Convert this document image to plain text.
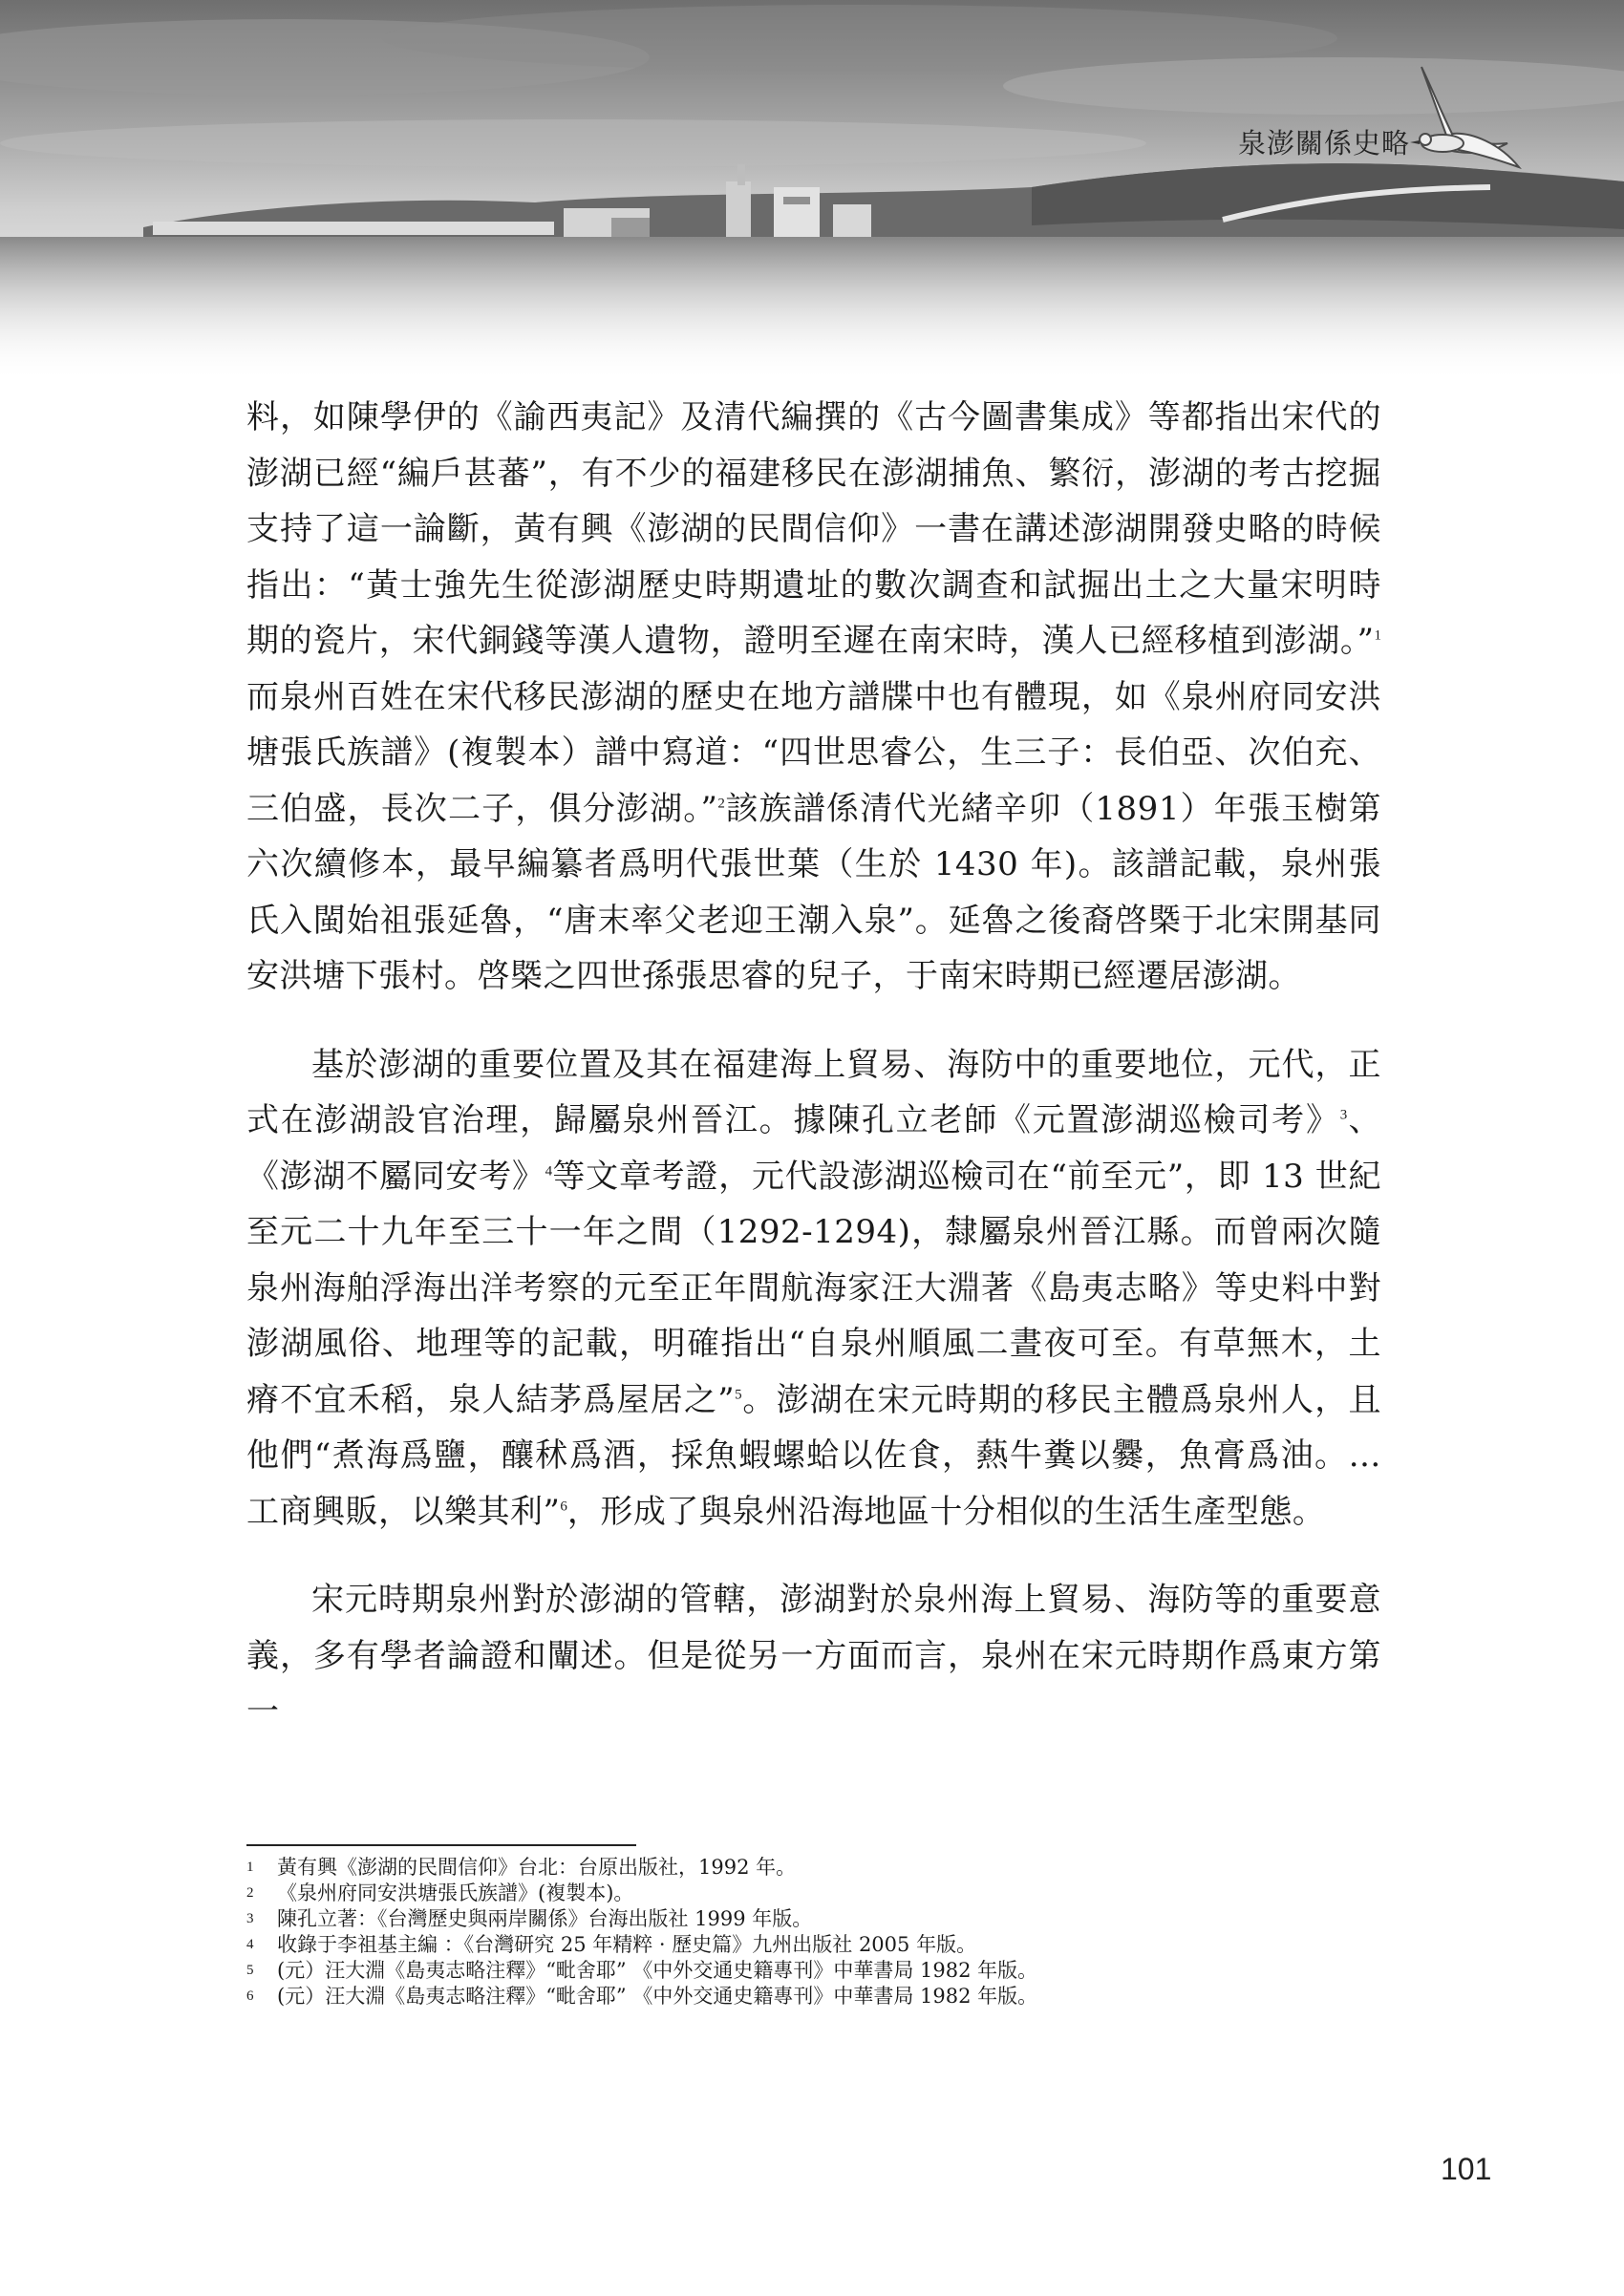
泉澎關係史略

料，如陳學伊的《諭西夷記》及清代編撰的《古今圖書集成》等都指出宋代的澎湖已經“編戶甚蕃”，有不少的福建移民在澎湖捕魚、繁衍，澎湖的考古挖掘支持了這一論斷，黃有興《澎湖的民間信仰》一書在講述澎湖開發史略的時候指出：“黃士強先生從澎湖歷史時期遺址的數次調查和試掘出土之大量宋明時期的瓷片，宋代銅錢等漢人遺物，證明至遲在南宋時，漢人已經移植到澎湖。”$^1$而泉州百姓在宋代移民澎湖的歷史在地方譜牒中也有體現，如《泉州府同安洪塘張氏族譜》(複製本）譜中寫道：“四世思睿公，生三子：長伯亞、次伯充、三伯盛，長次二子，俱分澎湖。”$^2$該族譜係清代光緒辛卯（1891）年張玉樹第六次續修本，最早編纂者爲明代張世葉（生於 1430 年)。該譜記載，泉州張氏入閩始祖張延魯，“唐末率父老迎王潮入泉”。延魯之後裔啓槩于北宋開基同安洪塘下張村。啓槩之四世孫張思睿的兒子，于南宋時期已經遷居澎湖。

基於澎湖的重要位置及其在福建海上貿易、海防中的重要地位，元代，正式在澎湖設官治理，歸屬泉州晉江。據陳孔立老師《元置澎湖巡檢司考》$^3$、《澎湖不屬同安考》$^4$等文章考證，元代設澎湖巡檢司在“前至元”，即 13 世紀至元二十九年至三十一年之間（1292-1294)，隸屬泉州晉江縣。而曾兩次隨泉州海舶浮海出洋考察的元至正年間航海家汪大淵著《島夷志略》等史料中對澎湖風俗、地理等的記載，明確指出“自泉州順風二晝夜可至。有草無木，土瘠不宜禾稻，泉人結茅爲屋居之”$^5$。澎湖在宋元時期的移民主體爲泉州人，且他們“煮海爲鹽，釀秫爲酒，採魚蝦螺蛤以佐食，爇牛糞以爨，魚膏爲油。…工商興販，以樂其利”$^6$，形成了與泉州沿海地區十分相似的生活生產型態。

宋元時期泉州對於澎湖的管轄，澎湖對於泉州海上貿易、海防等的重要意義，多有學者論證和闡述。但是從另一方面而言，泉州在宋元時期作爲東方第一

1 黃有興《澎湖的民間信仰》台北：台原出版社，1992 年。
2 《泉州府同安洪塘張氏族譜》(複製本)。
3 陳孔立著：《台灣歷史與兩岸關係》台海出版社 1999 年版。
4 收錄于李祖基主編 ：《台灣研究 25 年精粹 · 歷史篇》九州出版社 2005 年版。
5 (元）汪大淵《島夷志略注釋》“毗舍耶” 《中外交通史籍專刊》中華書局 1982 年版。
6 (元）汪大淵《島夷志略注釋》“毗舍耶” 《中外交通史籍專刊》中華書局 1982 年版。
101
